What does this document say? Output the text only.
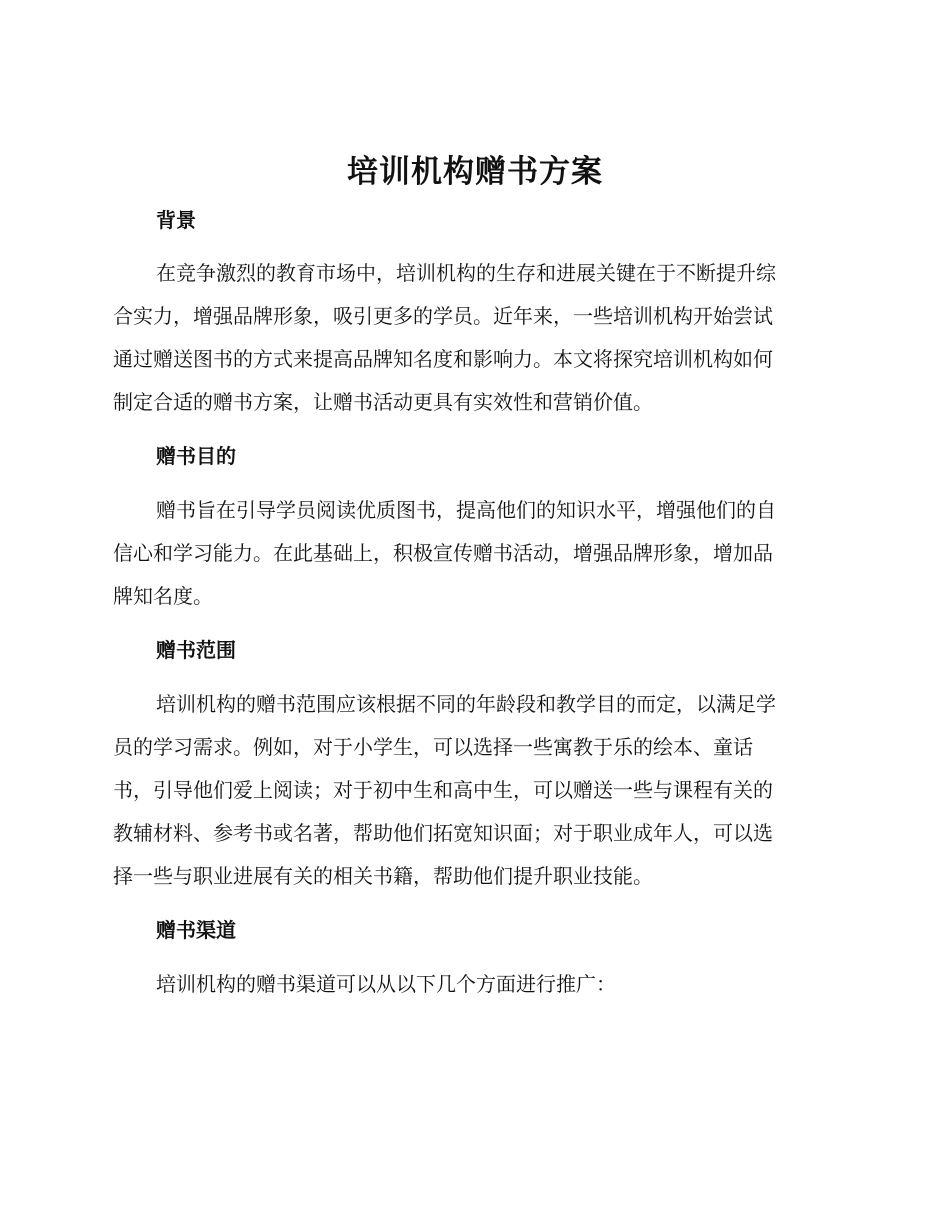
培训机构赠书方案
背景
在竞争激烈的教育市场中，培训机构的生存和进展关键在于不断提升综
合实力，增强品牌形象，吸引更多的学员。近年来，一些培训机构开始尝试
通过赠送图书的方式来提高品牌知名度和影响力。本文将探究培训机构如何
制定合适的赠书方案，让赠书活动更具有实效性和营销价值。
赠书目的
赠书旨在引导学员阅读优质图书，提高他们的知识水平，增强他们的自
信心和学习能力。在此基础上，积极宣传赠书活动，增强品牌形象，增加品
牌知名度。
赠书范围
培训机构的赠书范围应该根据不同的年龄段和教学目的而定，以满足学
员的学习需求。例如，对于小学生，可以选择一些寓教于乐的绘本、童话
书，引导他们爱上阅读；对于初中生和高中生，可以赠送一些与课程有关的
教辅材料、参考书或名著，帮助他们拓宽知识面；对于职业成年人，可以选
择一些与职业进展有关的相关书籍，帮助他们提升职业技能。
赠书渠道
培训机构的赠书渠道可以从以下几个方面进行推广：
